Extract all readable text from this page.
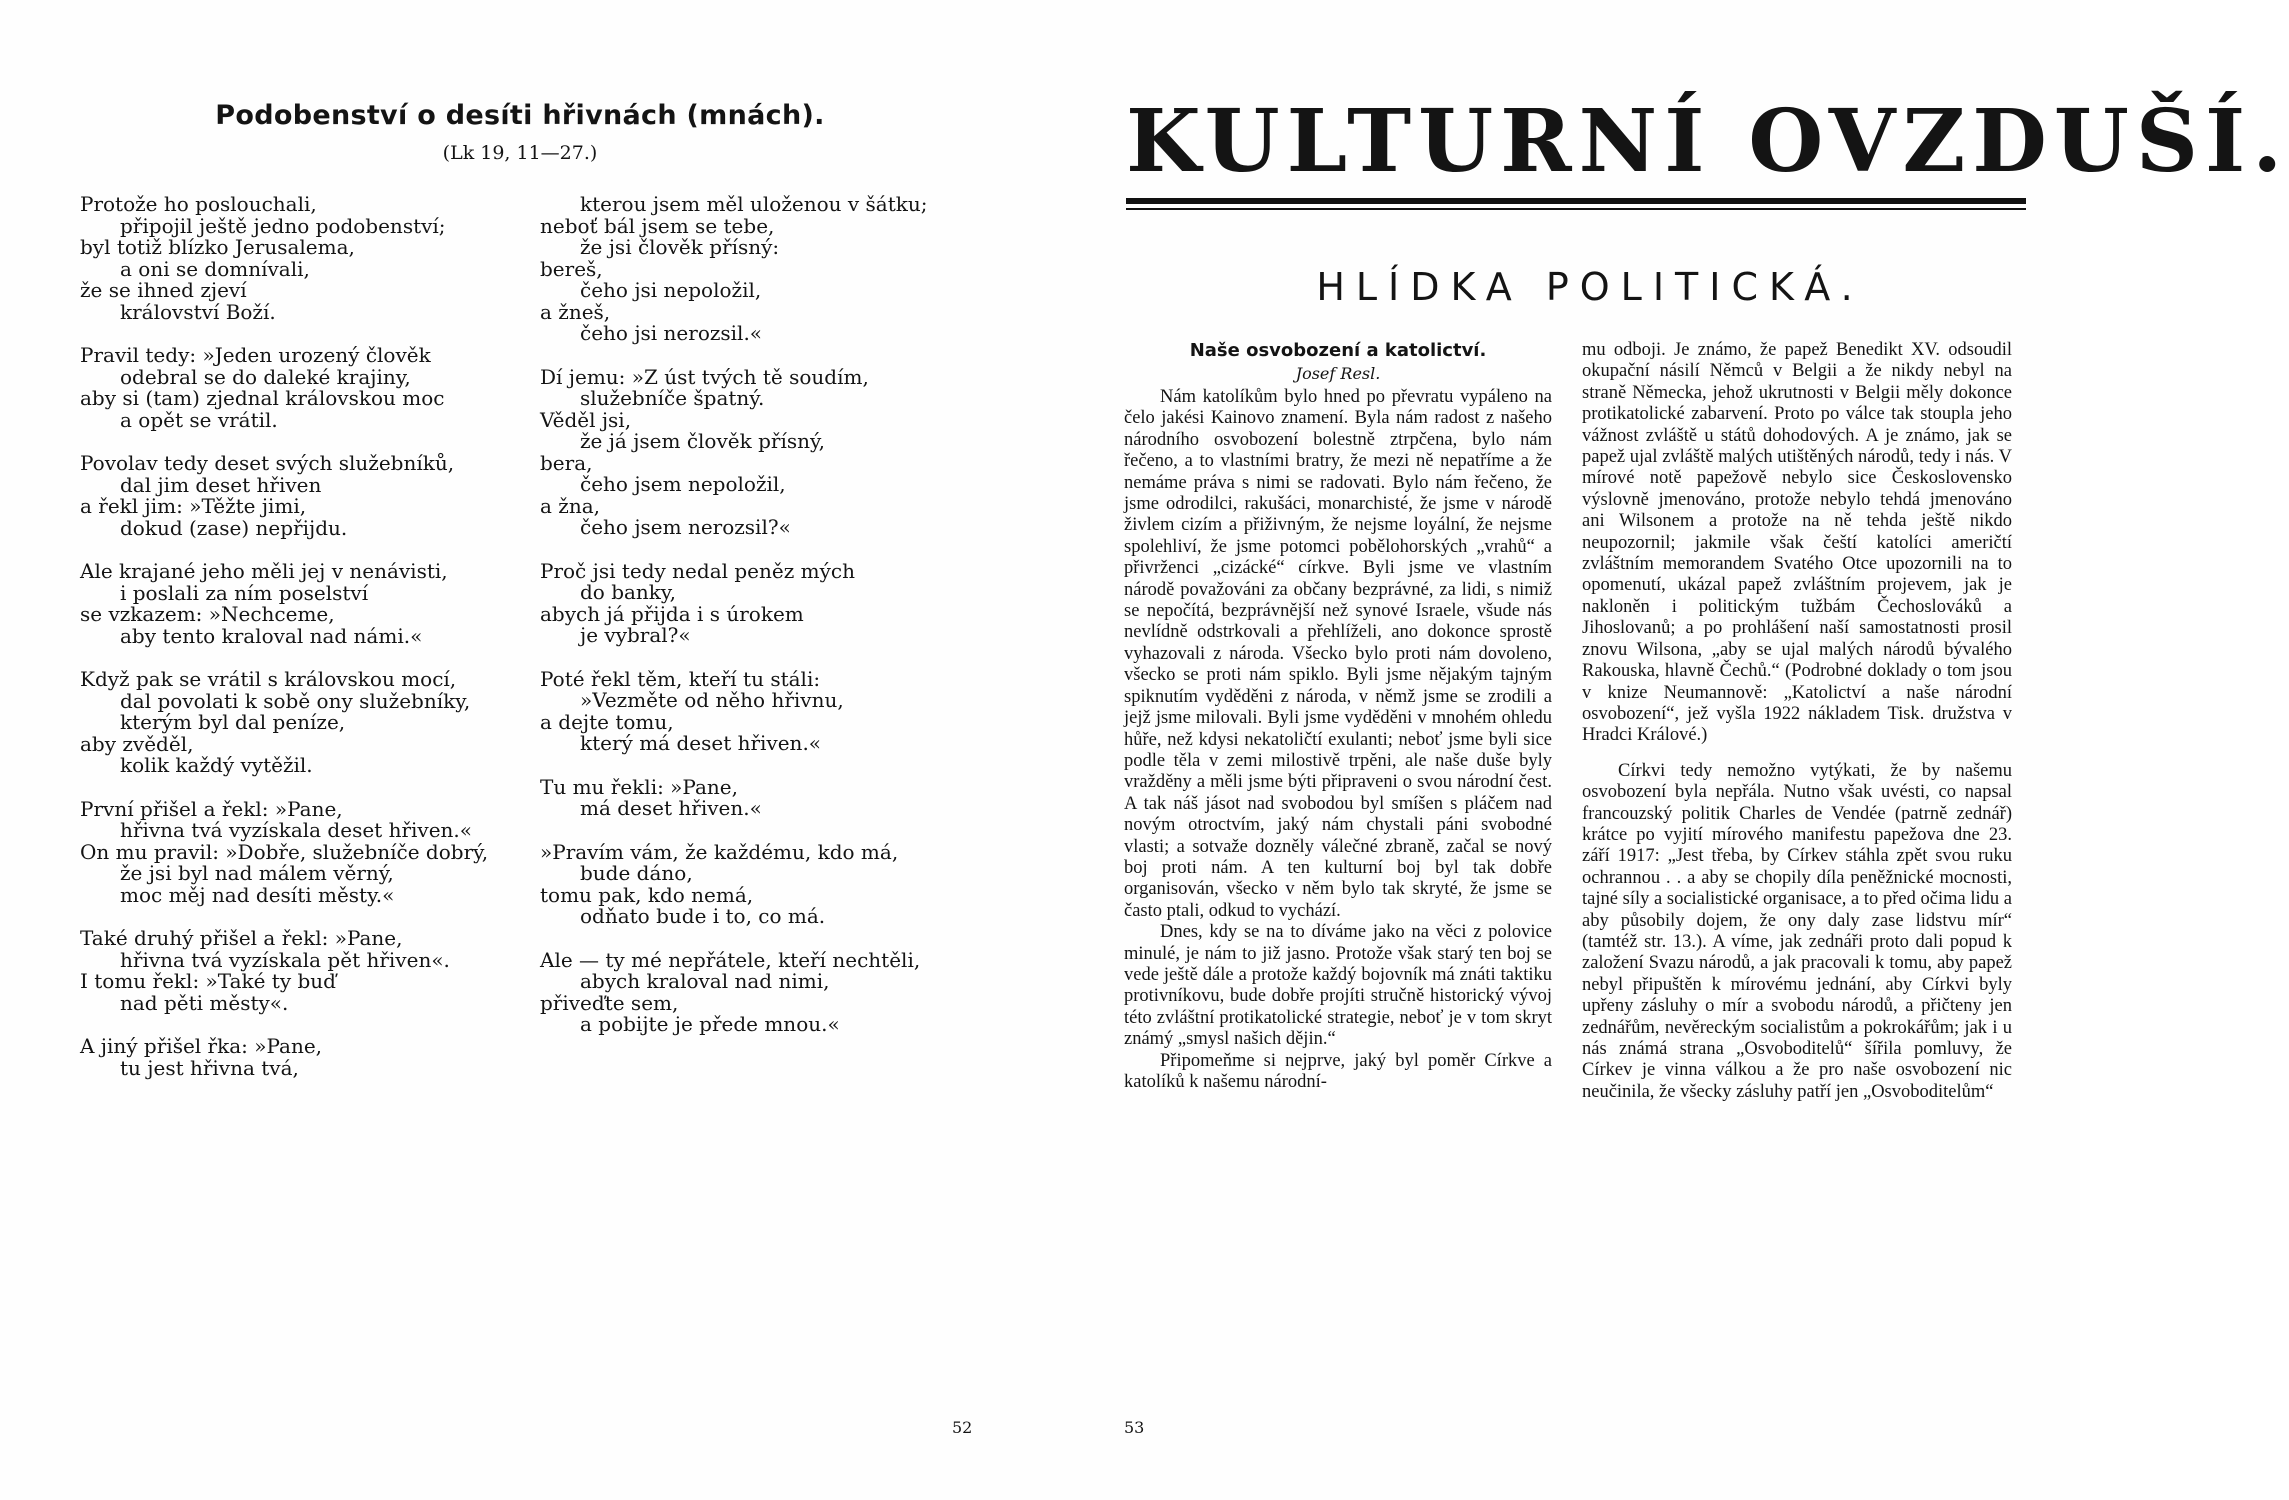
Podobenství o desíti hřivnách (mnách).
(Lk 19, 11—27.)
Protože ho poslouchali,
připojil ještě jedno podobenství;
byl totiž blízko Jerusalema,
a oni se domnívali,
že se ihned zjeví
království Boží.
Pravil tedy: »Jeden urozený člověk
odebral se do daleké krajiny,
aby si (tam) zjednal královskou moc
a opět se vrátil.
Povolav tedy deset svých služebníků,
dal jim deset hřiven
a řekl jim: »Těžte jimi,
dokud (zase) nepřijdu.
Ale krajané jeho měli jej v nenávisti,
i poslali za ním poselství
se vzkazem: »Nechceme,
aby tento kraloval nad námi.«
Když pak se vrátil s královskou mocí,
dal povolati k sobě ony služebníky,
kterým byl dal peníze,
aby zvěděl,
kolik každý vytěžil.
První přišel a řekl: »Pane,
hřivna tvá vyzískala deset hřiven.«
On mu pravil: »Dobře, služebníče dobrý,
že jsi byl nad málem věrný,
moc měj nad desíti městy.«
Také druhý přišel a řekl: »Pane,
hřivna tvá vyzískala pět hřiven«.
I tomu řekl: »Také ty buď
nad pěti městy«.
A jiný přišel řka: »Pane,
tu jest hřivna tvá,
kterou jsem měl uloženou v šátku;
neboť bál jsem se tebe,
že jsi člověk přísný:
bereš,
čeho jsi nepoložil,
a žneš,
čeho jsi nerozsil.«
Dí jemu: »Z úst tvých tě soudím,
služebníče špatný.
Věděl jsi,
že já jsem člověk přísný,
bera,
čeho jsem nepoložil,
a žna,
čeho jsem nerozsil?«
Proč jsi tedy nedal peněz mých
do banky,
abych já přijda i s úrokem
je vybral?«
Poté řekl těm, kteří tu stáli:
»Vezměte od něho hřivnu,
a dejte tomu,
který má deset hřiven.«
Tu mu řekli: »Pane,
má deset hřiven.«
»Pravím vám, že každému, kdo má,
bude dáno,
tomu pak, kdo nemá,
odňato bude i to, co má.
Ale — ty mé nepřátele, kteří nechtěli,
abych kraloval nad nimi,
přiveďte sem,
a pobijte je přede mnou.«
52
KULTURNÍ OVZDUŠÍ.
HLÍDKA POLITICKÁ.
Naše osvobození a katolictví.
Josef Resl.

Nám katolíkům bylo hned po převratu vypáleno na čelo jakési Kainovo znamení. Byla nám radost z našeho národního osvobození bolestně ztrpčena, bylo nám řečeno, a to vlastními bratry, že mezi ně nepatříme a že nemáme práva s nimi se radovati. Bylo nám řečeno, že jsme odrodilci, rakušáci, monarchisté, že jsme v národě živlem cizím a přiživným, že nejsme loyální, že nejsme spolehliví, že jsme potomci pobělohorských „vrahů“ a přivrženci „cizácké“ církve. Byli jsme ve vlastním národě považováni za občany bezprávné, za lidi, s nimiž se nepočítá, bezprávnější než synové Israele, všude nás nevlídně odstrkovali a přehlíželi, ano dokonce sprostě vyhazovali z národa. Všecko bylo proti nám dovoleno, všecko se proti nám spiklo. Byli jsme nějakým tajným spiknutím vyděděni z národa, v němž jsme se zrodili a jejž jsme milovali. Byli jsme vyděděni v mnohém ohledu hůře, než kdysi nekatoličtí exulanti; neboť jsme byli sice podle těla v zemi milostivě trpěni, ale naše duše byly vražděny a měli jsme býti připraveni o svou národní čest. A tak náš jásot nad svobodou byl smíšen s pláčem nad novým otroctvím, jaký nám chystali páni svobodné vlasti; a sotvaže dozněly válečné zbraně, začal se nový boj proti nám. A ten kulturní boj byl tak dobře organisován, všecko v něm bylo tak skryté, že jsme se často ptali, odkud to vychází.

Dnes, kdy se na to díváme jako na věci z polovice minulé, je nám to již jasno. Protože však starý ten boj se vede ještě dále a protože každý bojovník má znáti taktiku protivníkovu, bude dobře projíti stručně historický vývoj této zvláštní protikatolické strategie, neboť je v tom skryt známý „smysl našich dějin.“

Připomeňme si nejprve, jaký byl poměr Církve a katolíků k našemu národní-

mu odboji. Je známo, že papež Benedikt XV. odsoudil okupační násilí Němců v Belgii a že nikdy nebyl na straně Německa, jehož ukrutnosti v Belgii měly dokonce protikatolické zabarvení. Proto po válce tak stoupla jeho vážnost zvláště u států dohodových. A je známo, jak se papež ujal zvláště malých utištěných národů, tedy i nás. V mírové notě papežově nebylo sice Československo výslovně jmenováno, protože nebylo tehdá jmenováno ani Wilsonem a protože na ně tehda ještě nikdo neupozornil; jakmile však čeští katolíci američtí zvláštním memorandem Svatého Otce upozornili na to opomenutí, ukázal papež zvláštním projevem, jak je nakloněn i politickým tužbám Čechoslováků a Jihoslovanů; a po prohlášení naší samostatnosti prosil znovu Wilsona, „aby se ujal malých národů bývalého Rakouska, hlavně Čechů.“ (Podrobné doklady o tom jsou v knize Neumannově: „Katolictví a naše národní osvobození“, jež vyšla 1922 nákladem Tisk. družstva v Hradci Králové.)

Církvi tedy nemožno vytýkati, že by našemu osvobození byla nepřála. Nutno však uvésti, co napsal francouzský politik Charles de Vendée (patrně zednář) krátce po vyjití mírového manifestu papežova dne 23. září 1917: „Jest třeba, by Církev stáhla zpět svou ruku ochrannou . . a aby se chopily díla peněžnické mocnosti, tajné síly a socialistické organisace, a to před očima lidu a aby působily dojem, že ony daly zase lidstvu mír“ (tamtéž str. 13.). A víme, jak zednáři proto dali popud k založení Svazu národů, a jak pracovali k tomu, aby papež nebyl připuštěn k mírovému jednání, aby Církvi byly upřeny zásluhy o mír a svobodu národů, a přičteny jen zednářům, nevěreckým socialistům a pokrokářům; jak i u nás známá strana „Osvoboditelů“ šířila pomluvy, že Církev je vinna válkou a že pro naše osvobození nic neučinila, že všecky zásluhy patří jen „Osvoboditelům“

53
